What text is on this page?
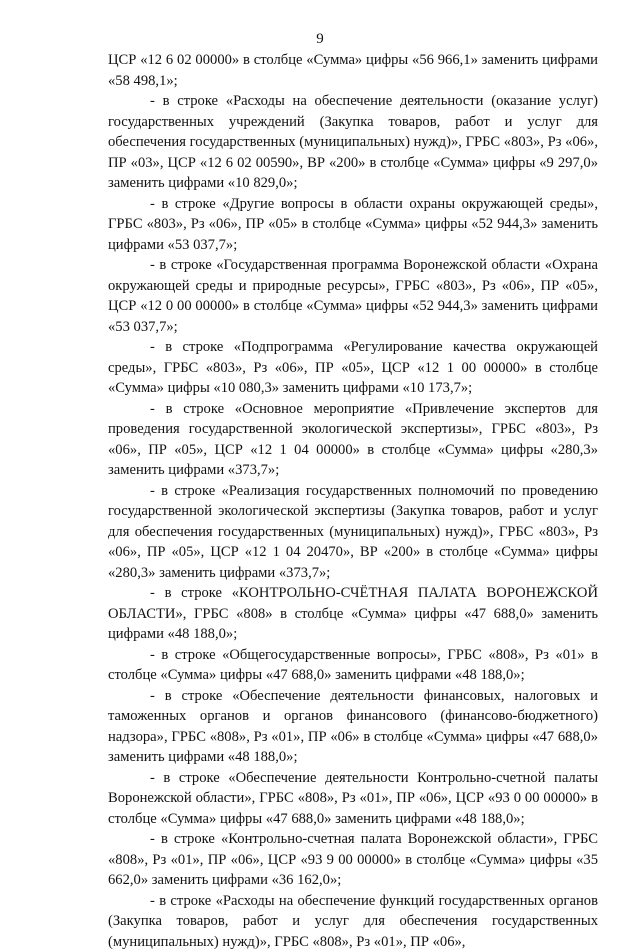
9

ЦСР «12 6 02 00000» в столбце «Сумма» цифры «56 966,1» заменить цифрами «58 498,1»;

- в строке «Расходы на обеспечение деятельности (оказание услуг) государственных учреждений (Закупка товаров, работ и услуг для обеспечения государственных (муниципальных) нужд)», ГРБС «803», Рз «06», ПР «03», ЦСР «12 6 02 00590», ВР «200» в столбце «Сумма» цифры «9 297,0» заменить цифрами «10 829,0»;

- в строке «Другие вопросы в области охраны окружающей среды», ГРБС «803», Рз «06», ПР «05» в столбце «Сумма» цифры «52 944,3» заменить цифрами «53 037,7»;

- в строке «Государственная программа Воронежской области «Охрана окружающей среды и природные ресурсы», ГРБС «803», Рз «06», ПР «05», ЦСР «12 0 00 00000» в столбце «Сумма» цифры «52 944,3» заменить цифрами «53 037,7»;

- в строке «Подпрограмма «Регулирование качества окружающей среды», ГРБС «803», Рз «06», ПР «05», ЦСР «12 1 00 00000» в столбце «Сумма» цифры «10 080,3» заменить цифрами «10 173,7»;

- в строке «Основное мероприятие «Привлечение экспертов для проведения государственной экологической экспертизы», ГРБС «803», Рз «06», ПР «05», ЦСР «12 1 04 00000» в столбце «Сумма» цифры «280,3» заменить цифрами «373,7»;

- в строке «Реализация государственных полномочий по проведению государственной экологической экспертизы (Закупка товаров, работ и услуг для обеспечения государственных (муниципальных) нужд)», ГРБС «803», Рз «06», ПР «05», ЦСР «12 1 04 20470», ВР «200» в столбце «Сумма» цифры «280,3» заменить цифрами «373,7»;

- в строке «КОНТРОЛЬНО-СЧЁТНАЯ ПАЛАТА ВОРОНЕЖСКОЙ ОБЛАСТИ», ГРБС «808» в столбце «Сумма» цифры «47 688,0» заменить цифрами «48 188,0»;

- в строке «Общегосударственные вопросы», ГРБС «808», Рз «01» в столбце «Сумма» цифры «47 688,0» заменить цифрами «48 188,0»;

- в строке «Обеспечение деятельности финансовых, налоговых и таможенных органов и органов финансового (финансово-бюджетного) надзора», ГРБС «808», Рз «01», ПР «06» в столбце «Сумма» цифры «47 688,0» заменить цифрами «48 188,0»;

- в строке «Обеспечение деятельности Контрольно-счетной палаты Воронежской области», ГРБС «808», Рз «01», ПР «06», ЦСР «93 0 00 00000» в столбце «Сумма» цифры «47 688,0» заменить цифрами «48 188,0»;

- в строке «Контрольно-счетная палата Воронежской области», ГРБС «808», Рз «01», ПР «06», ЦСР «93 9 00 00000» в столбце «Сумма» цифры «35 662,0» заменить цифрами «36 162,0»;

- в строке «Расходы на обеспечение функций государственных органов (Закупка товаров, работ и услуг для обеспечения государственных (муниципальных) нужд)», ГРБС «808», Рз «01», ПР «06»,
